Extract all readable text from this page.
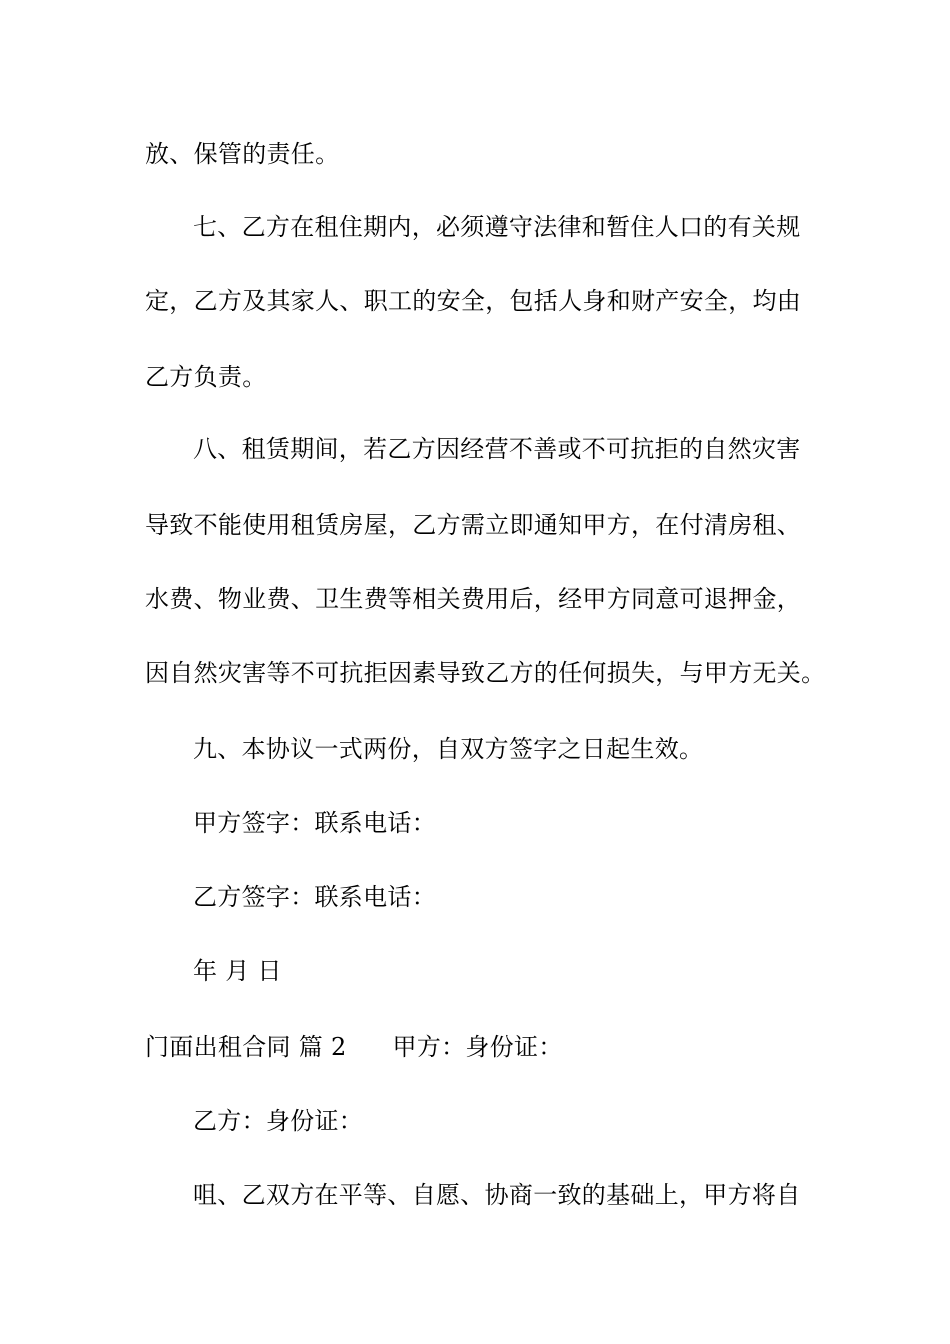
放、保管的责任。
七、乙方在租住期内，必须遵守法律和暂住人口的有关规
定，乙方及其家人、职工的安全，包括人身和财产安全，均由
乙方负责。
八、租赁期间，若乙方因经营不善或不可抗拒的自然灾害
导致不能使用租赁房屋，乙方需立即通知甲方，在付清房租、
水费、物业费、卫生费等相关费用后，经甲方同意可退押金，
因自然灾害等不可抗拒因素导致乙方的任何损失，与甲方无关。
九、本协议一式两份，自双方签字之日起生效。
甲方签字：联系电话：
乙方签字：联系电话：
年 月 日
门面出租合同 篇 2 甲方：身份证：
乙方：身份证：
咀、乙双方在平等、自愿、协商一致的基础上，甲方将自
